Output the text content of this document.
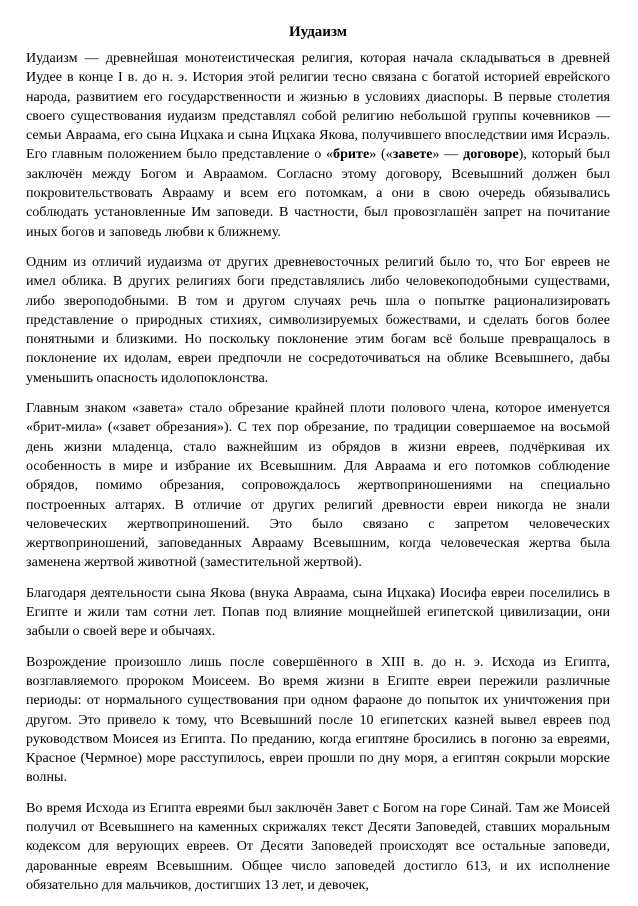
Иудаизм
Иудаизм — древнейшая монотеистическая религия, которая начала складываться в древней Иудее в конце I в. до н. э. История этой религии тесно связана с богатой историей еврейского народа, развитием его государственности и жизнью в условиях диаспоры. В первые столетия своего существования иудаизм представлял собой религию небольшой группы кочевников — семьи Авраама, его сына Ицхака и сына Ицхака Якова, получившего впоследствии имя Исраэль. Его главным положением было представление о «брите» («завете» — договоре), который был заключён между Богом и Авраамом. Согласно этому договору, Всевышний должен был покровительствовать Аврааму и всем его потомкам, а они в свою очередь обязывались соблюдать установленные Им заповеди. В частности, был провозглашён запрет на почитание иных богов и заповедь любви к ближнему.
Одним из отличий иудаизма от других древневосточных религий было то, что Бог евреев не имел облика. В других религиях боги представлялись либо человекоподобными существами, либо звероподобными. В том и другом случаях речь шла о попытке рационализировать представление о природных стихиях, символизируемых божествами, и сделать богов более понятными и близкими. Но поскольку поклонение этим богам всё больше превращалось в поклонение их идолам, евреи предпочли не сосредоточиваться на облике Всевышнего, дабы уменьшить опасность идолопоклонства.
Главным знаком «завета» стало обрезание крайней плоти полового члена, которое именуется «брит-мила» («завет обрезания»). С тех пор обрезание, по традиции совершаемое на восьмой день жизни младенца, стало важнейшим из обрядов в жизни евреев, подчёркивая их особенность в мире и избрание их Всевышним. Для Авраама и его потомков соблюдение обрядов, помимо обрезания, сопровождалось жертвоприношениями на специально построенных алтарях. В отличие от других религий древности евреи никогда не знали человеческих жертвоприношений. Это было связано с запретом человеческих жертвоприношений, заповеданных Аврааму Всевышним, когда человеческая жертва была заменена жертвой животной (заместительной жертвой).
Благодаря деятельности сына Якова (внука Авраама, сына Ицхака) Иосифа евреи поселились в Египте и жили там сотни лет. Попав под влияние мощнейшей египетской цивилизации, они забыли о своей вере и обычаях.
Возрождение произошло лишь после совершённого в XIII в. до н. э. Исхода из Египта, возглавляемого пророком Моисеем. Во время жизни в Египте евреи пережили различные периоды: от нормального существования при одном фараоне до попыток их уничтожения при другом. Это привело к тому, что Всевышний после 10 египетских казней вывел евреев под руководством Моисея из Египта. По преданию, когда египтяне бросились в погоню за евреями, Красное (Чермное) море расступилось, евреи прошли по дну моря, а египтян сокрыли морские волны.
Во время Исхода из Египта евреями был заключён Завет с Богом на горе Синай. Там же Моисей получил от Всевышнего на каменных скрижалях текст Десяти Заповедей, ставших моральным кодексом для верующих евреев. От Десяти Заповедей происходят все остальные заповеди, дарованные евреям Всевышним. Общее число заповедей достигло 613, и их исполнение обязательно для мальчиков, достигших 13 лет, и девочек,
